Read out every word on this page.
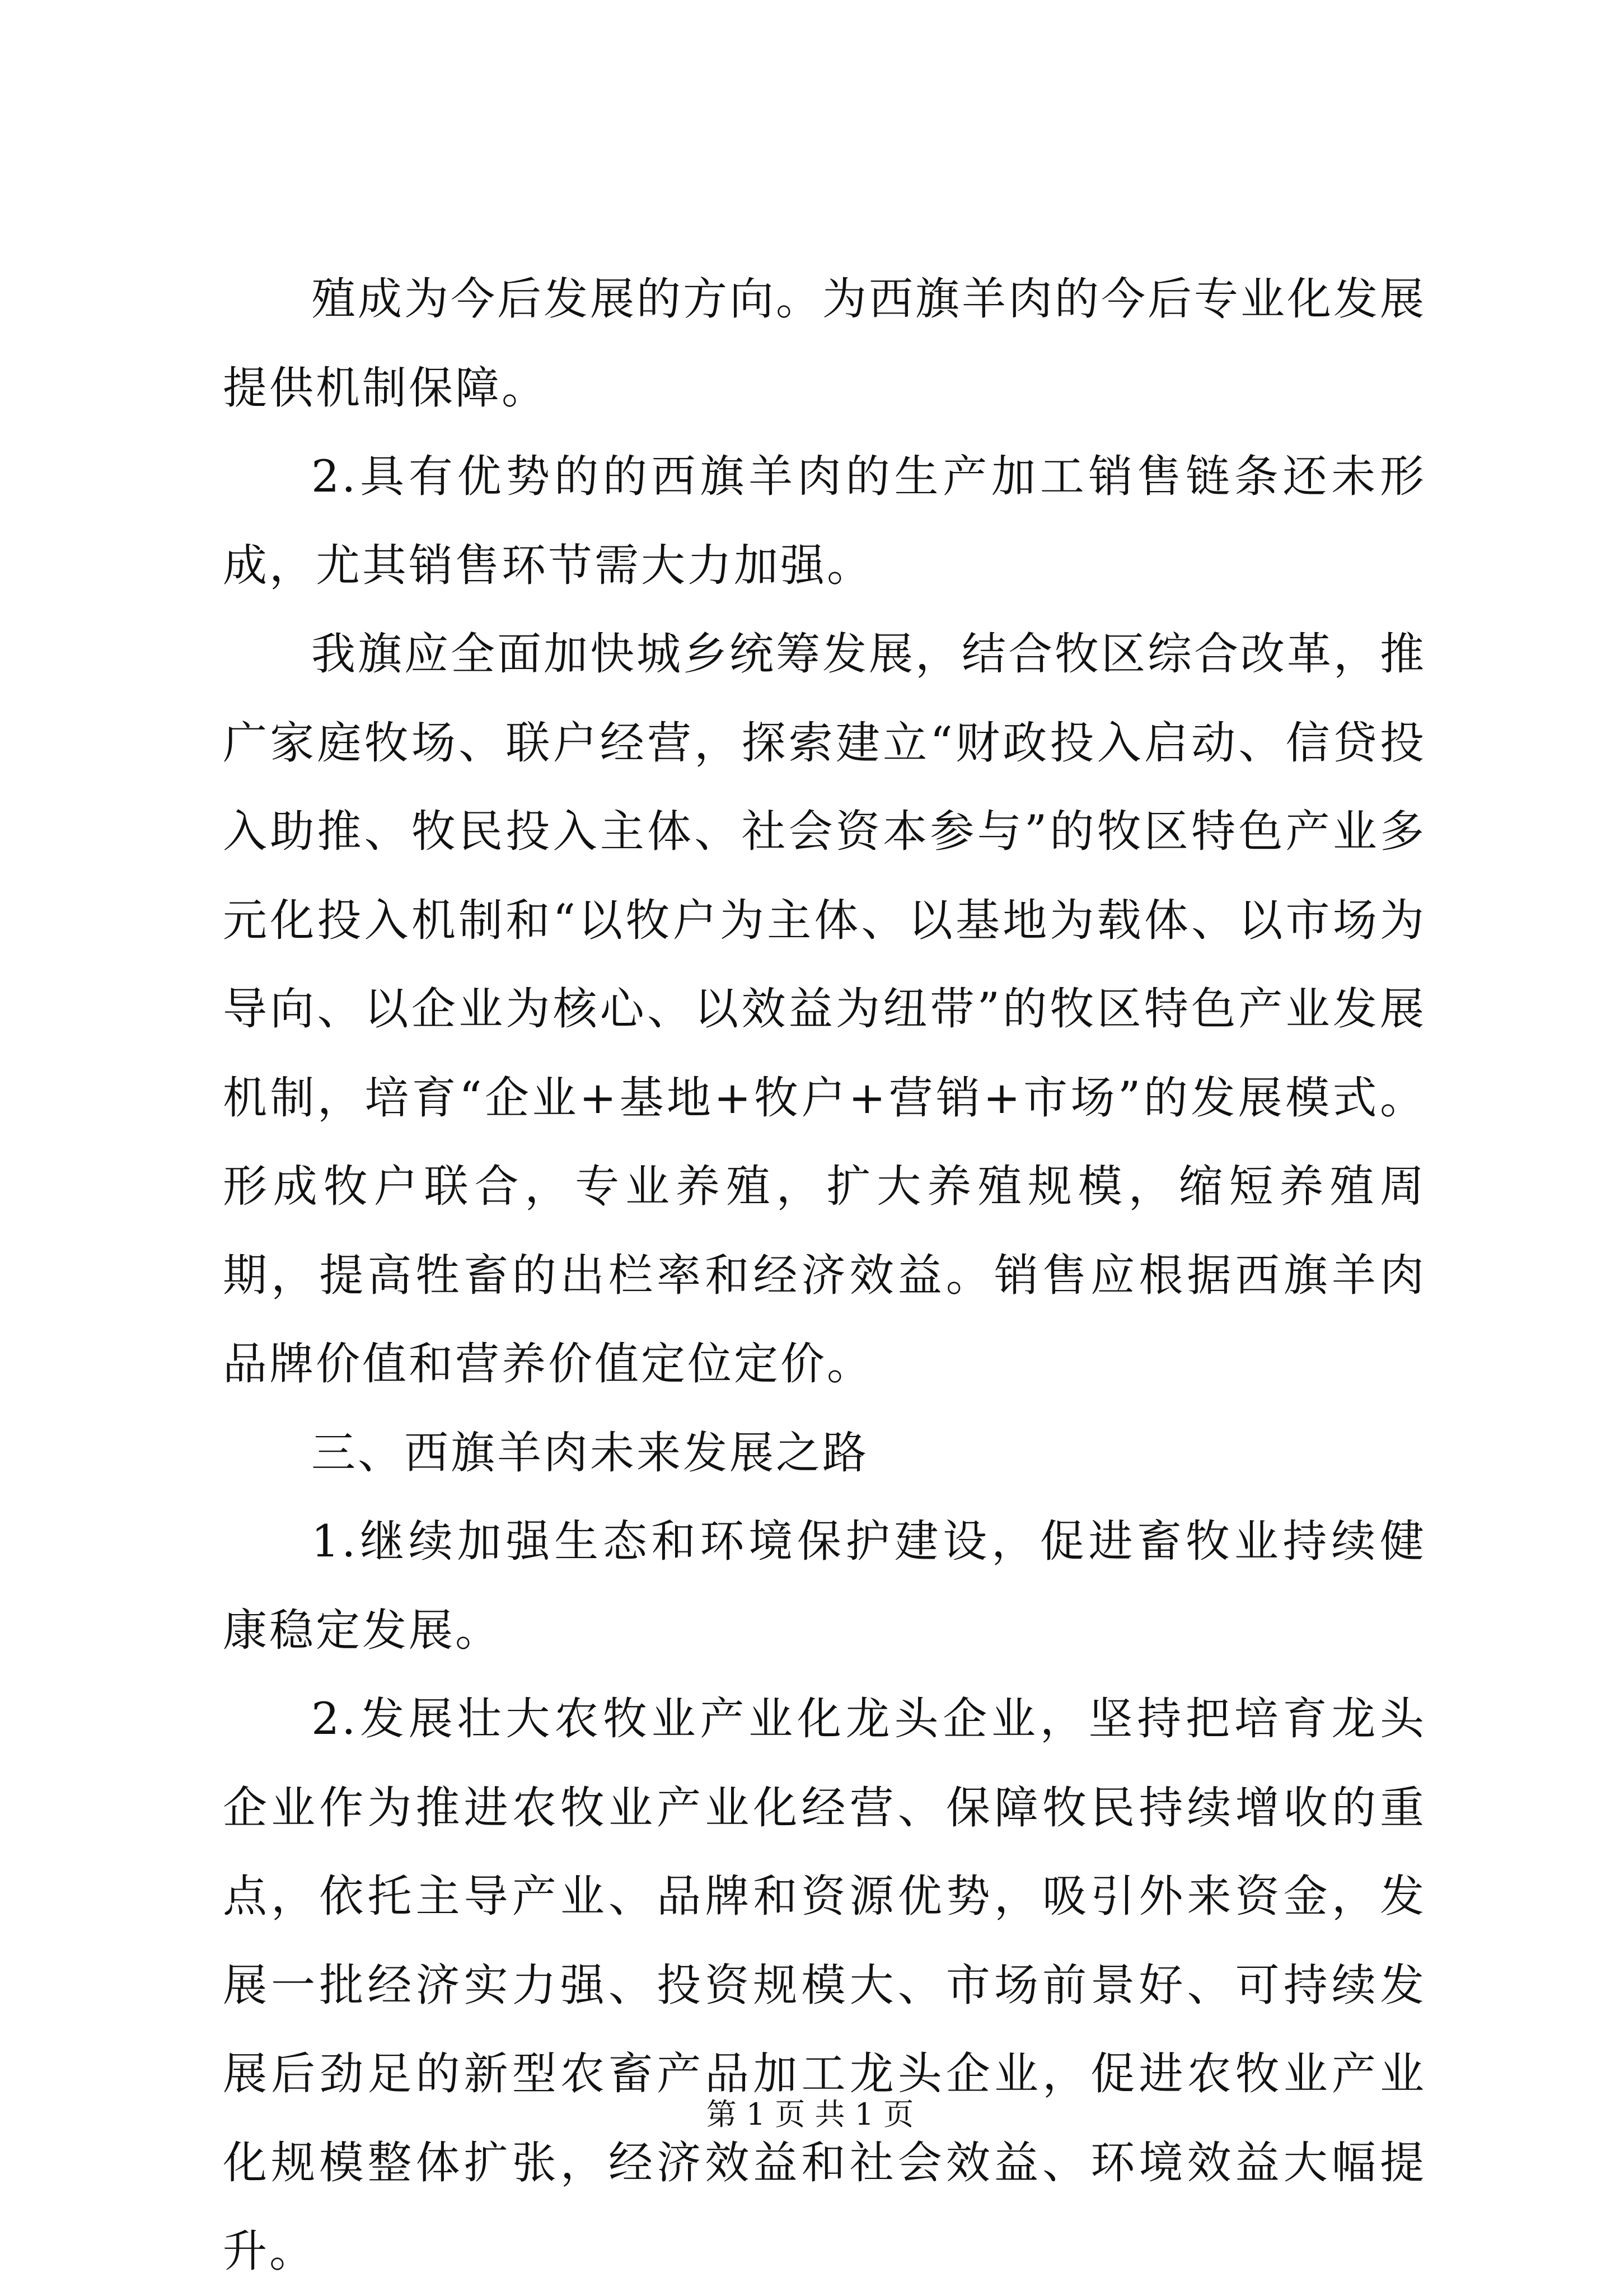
殖成为今后发展的方向。为西旗羊肉的今后专业化发展提供机制保障。

2.具有优势的的西旗羊肉的生产加工销售链条还未形成，尤其销售环节需大力加强。

我旗应全面加快城乡统筹发展，结合牧区综合改革，推广家庭牧场、联户经营，探索建立“财政投入启动、信贷投入助推、牧民投入主体、社会资本参与”的牧区特色产业多元化投入机制和“以牧户为主体、以基地为载体、以市场为导向、以企业为核心、以效益为纽带”的牧区特色产业发展机制，培育“企业+基地+牧户+营销+市场”的发展模式。形成牧户联合，专业养殖，扩大养殖规模，缩短养殖周期，提高牲畜的出栏率和经济效益。销售应根据西旗羊肉品牌价值和营养价值定位定价。

三、西旗羊肉未来发展之路

1.继续加强生态和环境保护建设，促进畜牧业持续健康稳定发展。

2.发展壮大农牧业产业化龙头企业，坚持把培育龙头企业作为推进农牧业产业化经营、保障牧民持续增收的重点，依托主导产业、品牌和资源优势，吸引外来资金，发展一批经济实力强、投资规模大、市场前景好、可持续发展后劲足的新型农畜产品加工龙头企业，促进农牧业产业化规模整体扩张，经济效益和社会效益、环境效益大幅提升。

第 1 页 共 1 页
